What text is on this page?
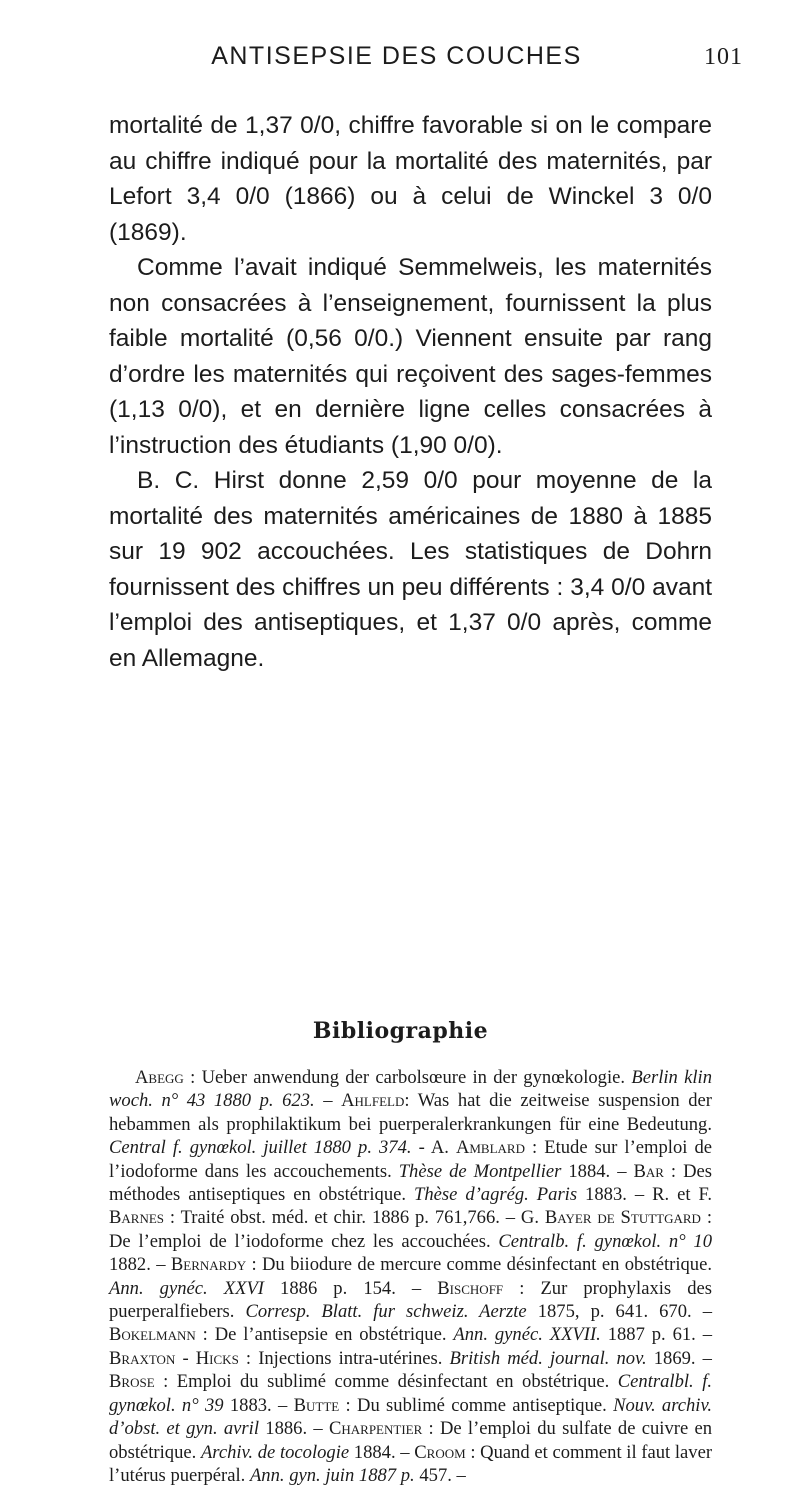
ANTISEPSIE DES COUCHES	101

mortalité de 1,37 0/0, chiffre favorable si on le compare au chiffre indiqué pour la mortalité des maternités, par Lefort 3,4 0/0 (1866) ou à celui de Winckel 3 0/0 (1869).

Comme l’avait indiqué Semmelweis, les maternités non consacrées à l’enseignement, fournissent la plus faible mortalité (0,56 0/0.) Viennent ensuite par rang d’ordre les maternités qui reçoivent des sages-femmes (1,13 0/0), et en dernière ligne celles consacrées à l’instruction des étudiants (1,90 0/0).

B. C. Hirst donne 2,59 0/0 pour moyenne de la mortalité des maternités américaines de 1880 à 1885 sur 19 902 accouchées. Les statistiques de Dohrn fournissent des chiffres un peu différents : 3,4 0/0 avant l’emploi des antiseptiques, et 1,37 0/0 après, comme en Allemagne.

Bibliographie

Abegg : Ueber anwendung der carbolsœure in der gynœkologie. Berlin klin woch. n° 43 1880 p. 623. – Ahlfeld: Was hat die zeitweise suspension der hebammen als prophilaktikum bei puerperalerkrankungen für eine Bedeutung. Central f. gynœkol. juillet 1880 p. 374. - A. Amblard : Etude sur l’emploi de l’iodoforme dans les accouchements. Thèse de Montpellier 1884. – Bar : Des méthodes antiseptiques en obstétrique. Thèse d’agrég. Paris 1883. – R. et F. Barnes : Traité obst. méd. et chir. 1886 p. 761,766. – G. Bayer de Stuttgard : De l’emploi de l’iodoforme chez les accouchées. Centralb. f. gynœkol. n° 10 1882. – Bernardy : Du biiodure de mercure comme désinfectant en obstétrique. Ann. gynéc. XXVI 1886 p. 154. – Bischoff : Zur prophylaxis des puerperalfiebers. Corresp. Blatt. fur schweiz. Aerzte 1875, p. 641. 670. – Bokelmann : De l’antisepsie en obstétrique. Ann. gynéc. XXVII. 1887 p. 61. – Braxton - Hicks : Injections intra-utérines. British méd. journal. nov. 1869. – Brose : Emploi du sublimé comme désinfectant en obstétrique. Centralbl. f. gynœkol. n° 39 1883. – Butte : Du sublimé comme antiseptique. Nouv. archiv. d’obst. et gyn. avril 1886. – Charpentier : De l’emploi du sulfate de cuivre en obstétrique. Archiv. de tocologie 1884. – Croom : Quand et comment il faut laver l’utérus puerpéral. Ann. gyn. juin 1887 p. 457. –
